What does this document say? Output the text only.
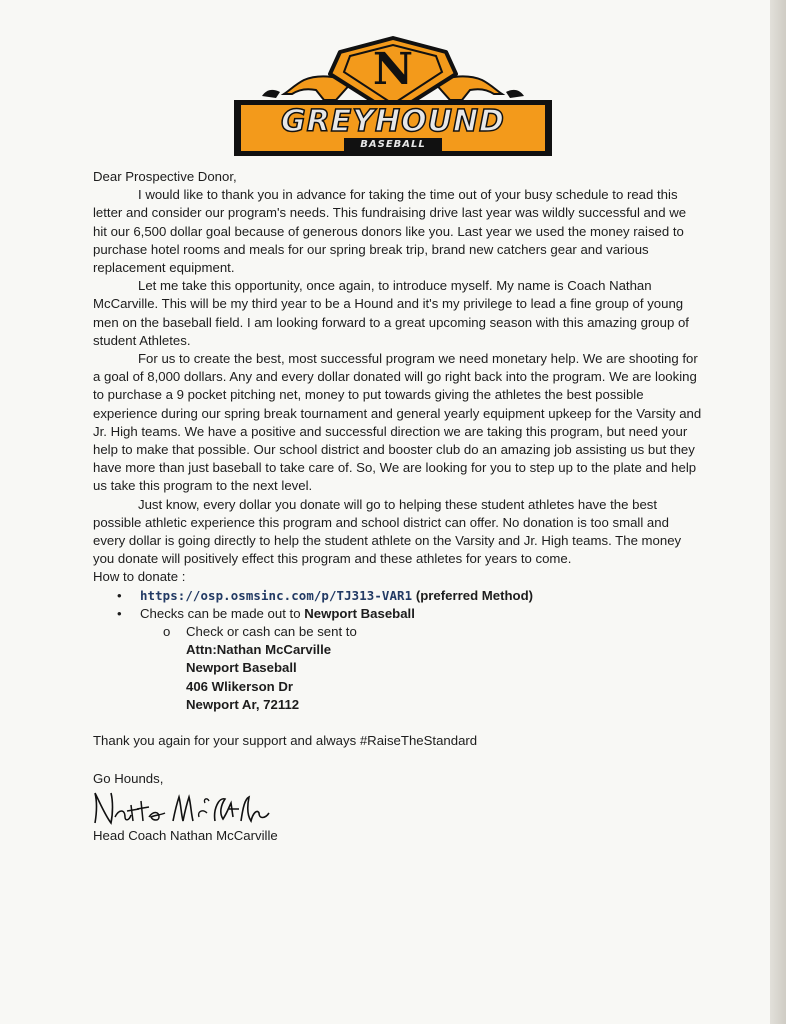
N
GREYHOUND
BASEBALL

Dear Prospective Donor,

I would like to thank you in advance for taking the time out of your busy schedule to read this letter and consider our program's needs. This fundraising drive last year was wildly successful and we hit our 6,500 dollar goal because of generous donors like you. Last year we used the money raised to purchase hotel rooms and meals for our spring break trip, brand new catchers gear and various replacement equipment.

Let me take this opportunity, once again, to introduce myself. My name is Coach Nathan McCarville. This will be my third year to be a Hound and it's my privilege to lead a fine group of young men on the baseball field. I am looking forward to a great upcoming season with this amazing group of student Athletes.

For us to create the best, most successful program we need monetary help. We are shooting for a goal of 8,000 dollars. Any and every dollar donated will go right back into the program. We are looking to purchase a 9 pocket pitching net, money to put towards giving the athletes the best possible experience during our spring break tournament and general yearly equipment upkeep for the Varsity and Jr. High teams. We have a positive and successful direction we are taking this program, but need your help to make that possible. Our school district and booster club do an amazing job assisting us but they have more than just baseball to take care of. So, We are looking for you to step up to the plate and help us take this program to the next level.

Just know, every dollar you donate will go to helping these student athletes have the best possible athletic experience this program and school district can offer. No donation is too small and every dollar is going directly to help the student athlete on the Varsity and Jr. High teams. The money you donate will positively effect this program and these athletes for years to come.

How to donate :

• https://osp.osmsinc.com/p/TJ313-VAR1 (preferred Method)
• Checks can be made out to Newport Baseball
o Check or cash can be sent to
Attn:Nathan McCarville
Newport Baseball
406 Wlikerson Dr
Newport Ar, 72112

Thank you again for your support and always #RaiseTheStandard

Go Hounds,

Head Coach Nathan McCarville
